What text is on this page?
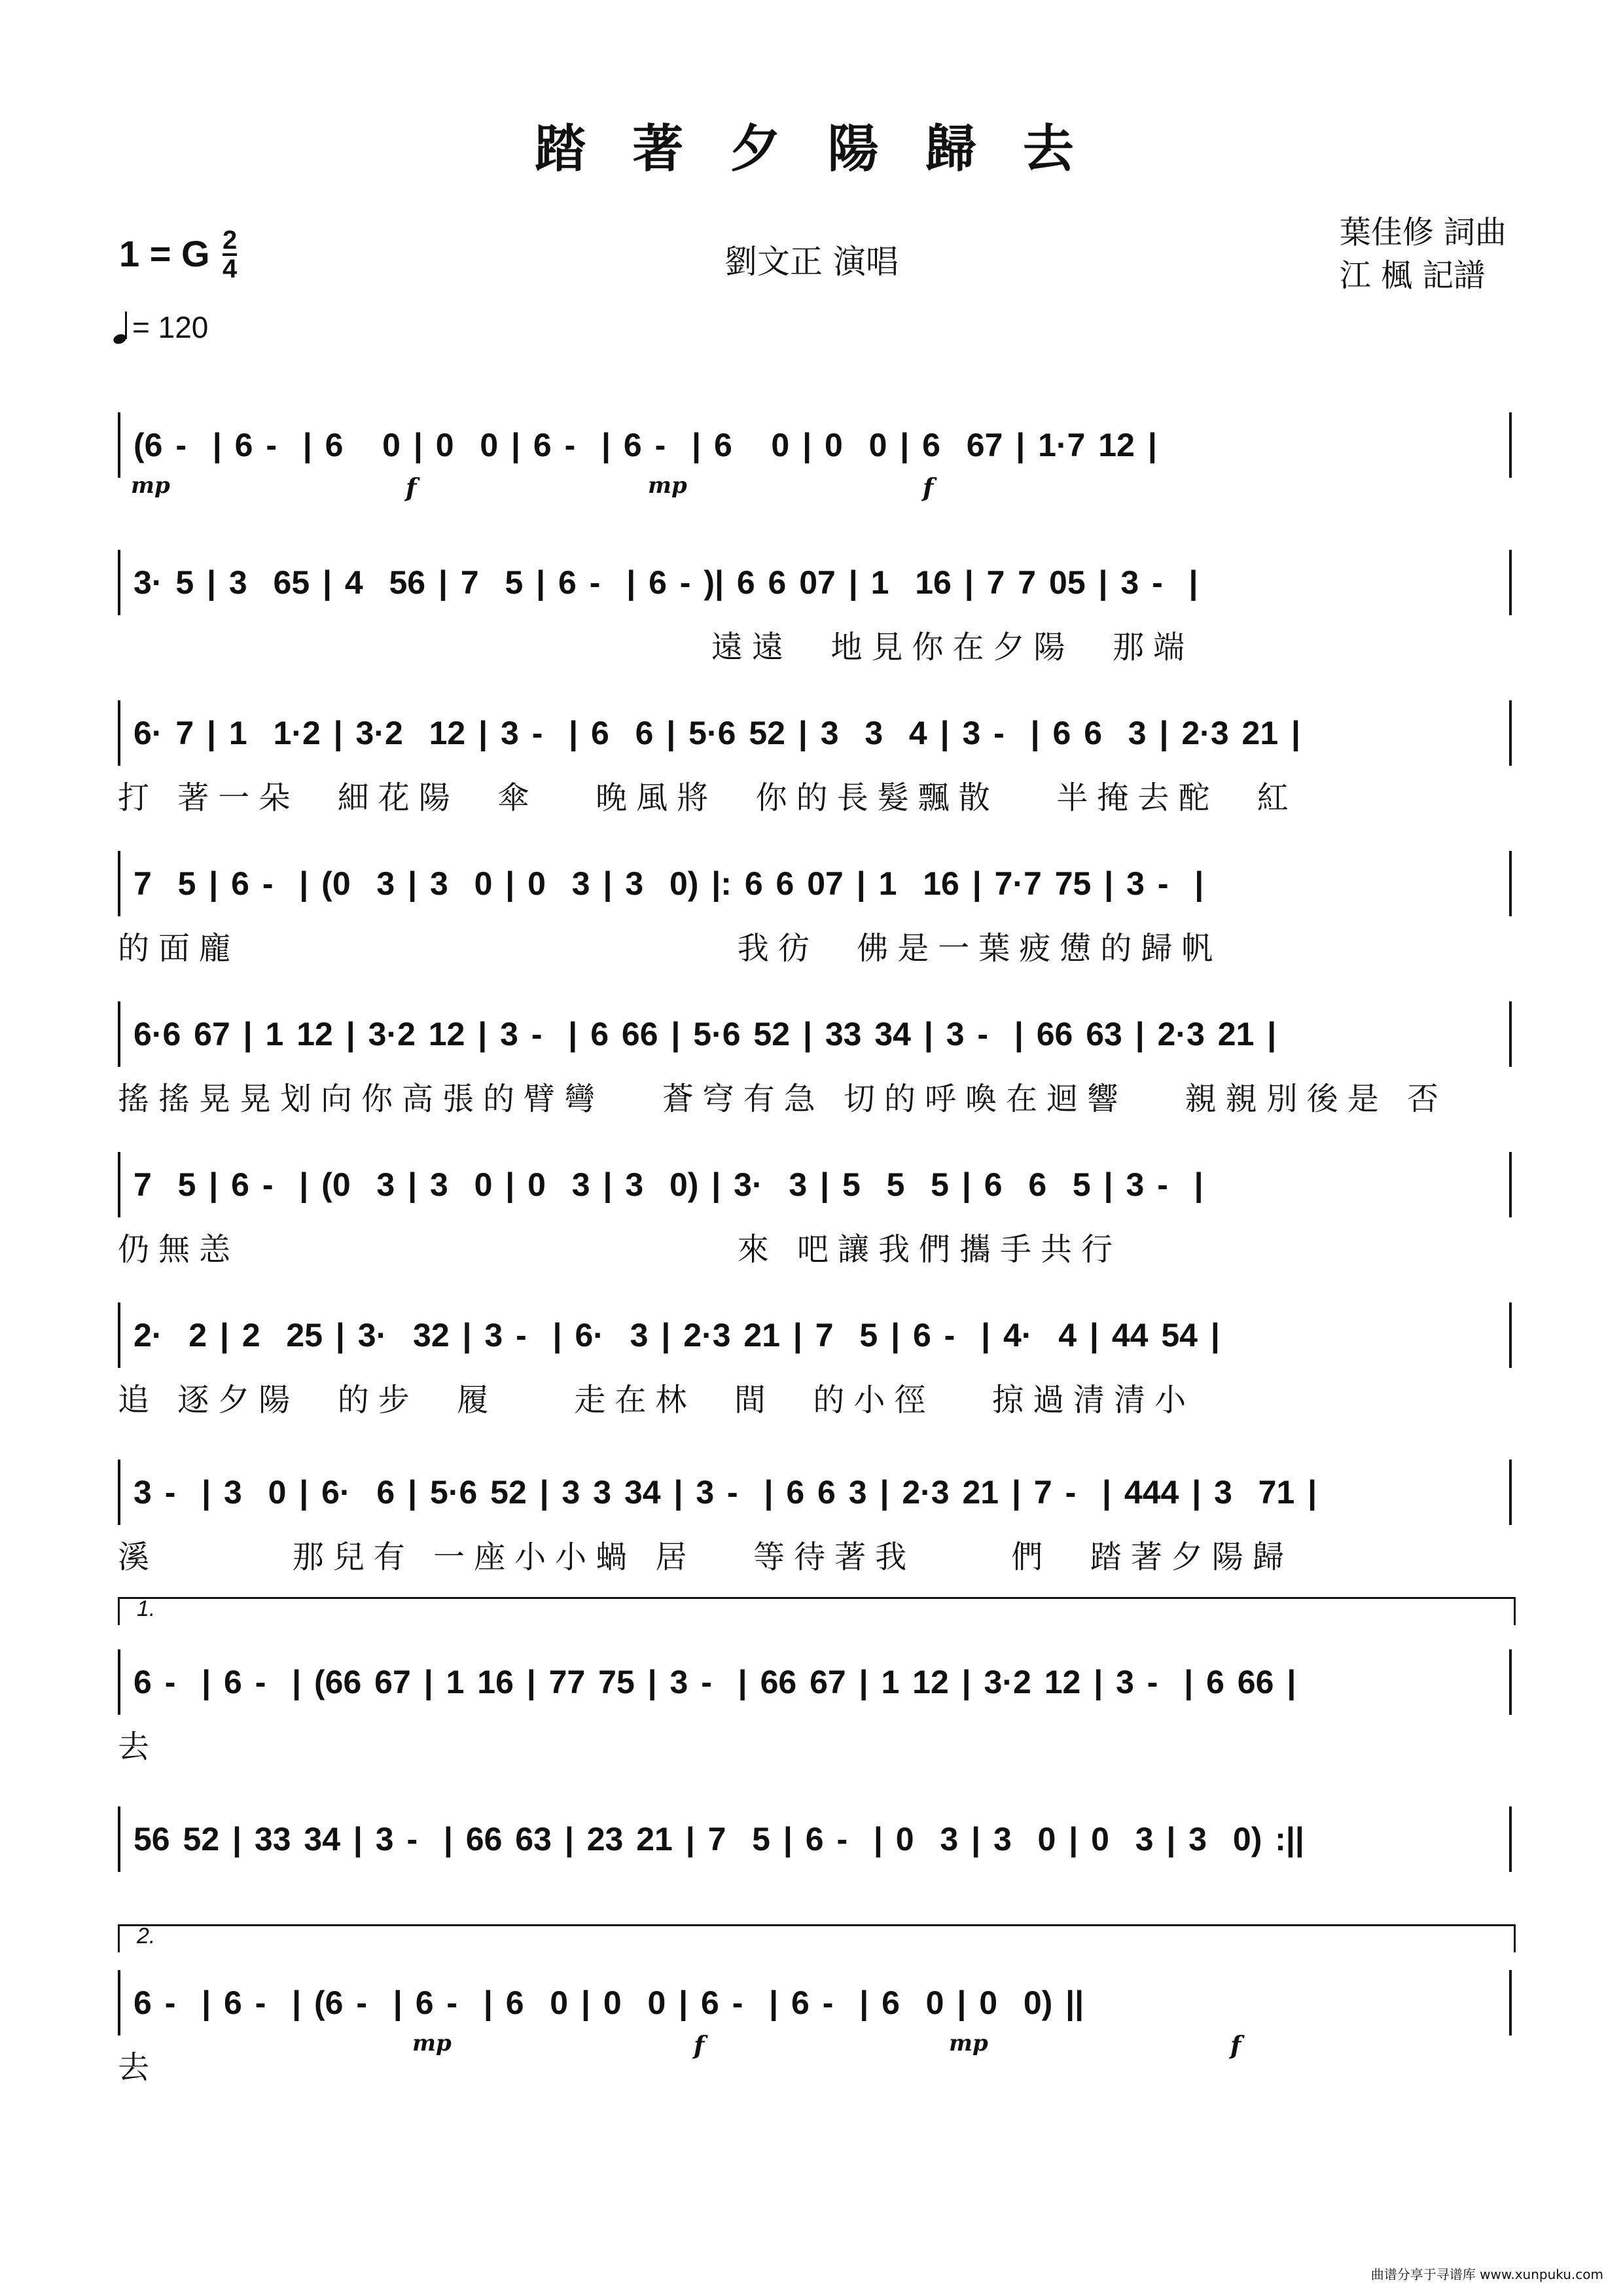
踏 著 夕 陽 歸 去
1 = G 2
4
= 120
劉文正 演唱
葉佳修 詞曲
江 楓 記譜
(6 -  | 6 -  | 6   0 | 0  0 | 6 -  | 6 -  | 6   0 | 0  0 | 6  67 | 1·7 12 |
mp	f	mp	f
3· 5 | 3  65 | 4  56 | 7  5 | 6 -  | 6 - )| 6 6 07 | 1  16 | 7 7 05 | 3 -  |
遠遠  地見你在夕陽  那端
6· 7 | 1  1·2 | 3·2  12 | 3 -  | 6  6 | 5·6 52 | 3  3  4 | 3 -  | 6 6  3 | 2·3 21 |
打 著一朵  細花陽  傘   晚風將  你的長髮飄散   半掩去酡  紅
7  5 | 6 -  | (0  3 | 3  0 | 0  3 | 3  0) |: 6 6 07 | 1  16 | 7·7 75 | 3 -  |
的面龐                          我彷  佛是一葉疲憊的歸帆
6·6 67 | 1 12 | 3·2 12 | 3 -  | 6 66 | 5·6 52 | 33 34 | 3 -  | 66 63 | 2·3 21 |
搖搖晃晃划向你高張的臂彎   蒼穹有急 切的呼喚在迴響   親親別後是 否
7  5 | 6 -  | (0  3 | 3  0 | 0  3 | 3  0) | 3·  3 | 5  5  5 | 6  6  5 | 3 -  |
仍無恙                          來 吧讓我們攜手共行
2·  2 | 2  25 | 3·  32 | 3 -  | 6·  3 | 2·3 21 | 7  5 | 6 -  | 4·  4 | 44 54 |
追 逐夕陽  的步  履    走在林  間  的小徑   掠過清清小
3 -  | 3  0 | 6·  6 | 5·6 52 | 3 3 34 | 3 -  | 6 6 3 | 2·3 21 | 7 -  | 444 | 3  71 |
溪       那兒有 一座小小蝸 居   等待著我     們  踏著夕陽歸
1.
6 -  | 6 -  | (66 67 | 1 16 | 77 75 | 3 -  | 66 67 | 1 12 | 3·2 12 | 3 -  | 6 66 |
去
56 52 | 33 34 | 3 -  | 66 63 | 23 21 | 7  5 | 6 -  | 0  3 | 3  0 | 0  3 | 3  0) :||
2.
6 -  | 6 -  | (6 -  | 6 -  | 6  0 | 0  0 | 6 -  | 6 -  | 6  0 | 0  0) ||
去
mp	f	mp	f
曲谱分享于寻谱库 www.xunpuku.com
